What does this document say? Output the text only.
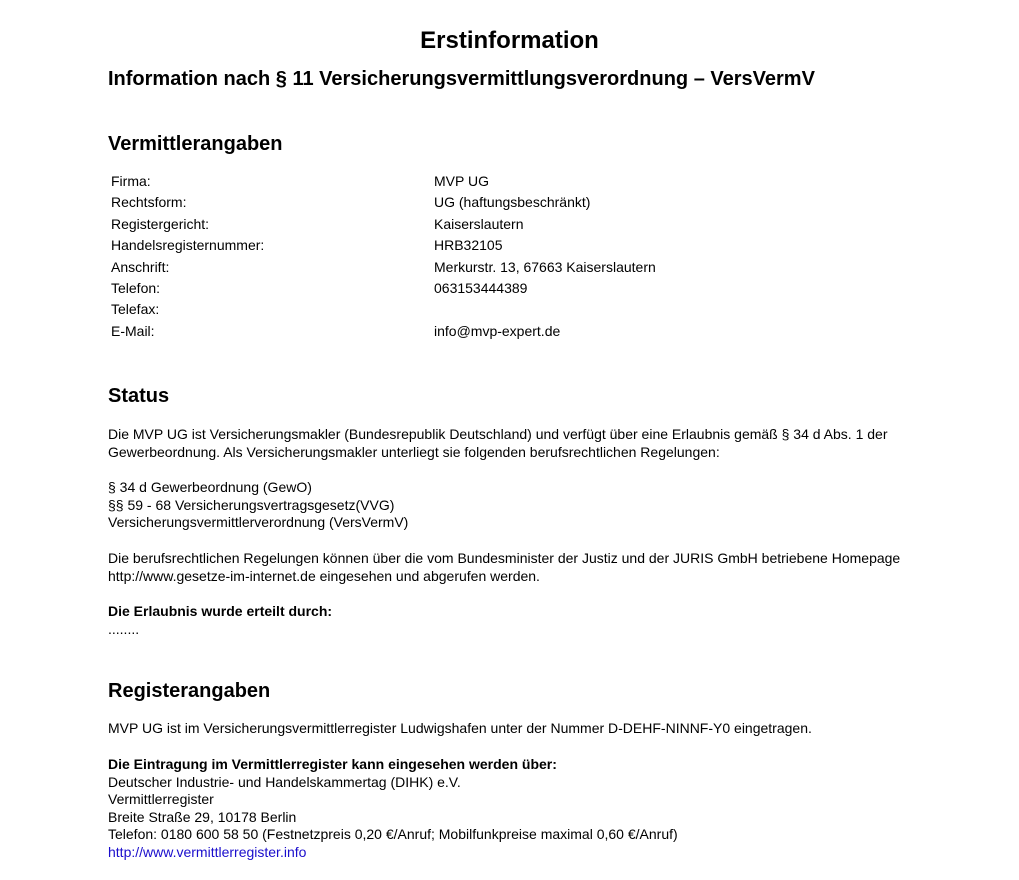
Erstinformation
Information nach § 11 Versicherungsvermittlungsverordnung – VersVermV
Vermittlerangaben
Firma:	MVP UG
Rechtsform:	UG (haftungsbeschränkt)
Registergericht:	Kaiserslautern
Handelsregisternummer:	HRB32105
Anschrift:	Merkurstr. 13, 67663 Kaiserslautern
Telefon:	063153444389
Telefax:
E-Mail:	info@mvp-expert.de
Status
Die MVP UG ist Versicherungsmakler (Bundesrepublik Deutschland) und verfügt über eine Erlaubnis gemäß § 34 d Abs. 1 der
Gewerbeordnung. Als Versicherungsmakler unterliegt sie folgenden berufsrechtlichen Regelungen:
§ 34 d Gewerbeordnung (GewO)
§§ 59 - 68 Versicherungsvertragsgesetz(VVG)
Versicherungsvermittlerverordnung (VersVermV)
Die berufsrechtlichen Regelungen können über die vom Bundesminister der Justiz und der JURIS GmbH betriebene Homepage
http://www.gesetze-im-internet.de eingesehen und abgerufen werden.
Die Erlaubnis wurde erteilt durch:
........
Registerangaben
MVP UG ist im Versicherungsvermittlerregister Ludwigshafen unter der Nummer D-DEHF-NINNF-Y0 eingetragen.
Die Eintragung im Vermittlerregister kann eingesehen werden über:
Deutscher Industrie- und Handelskammertag (DIHK) e.V.
Vermittlerregister
Breite Straße 29, 10178 Berlin
Telefon: 0180 600 58 50 (Festnetzpreis 0,20 €/Anruf; Mobilfunkpreise maximal 0,60 €/Anruf)
http://www.vermittlerregister.info
